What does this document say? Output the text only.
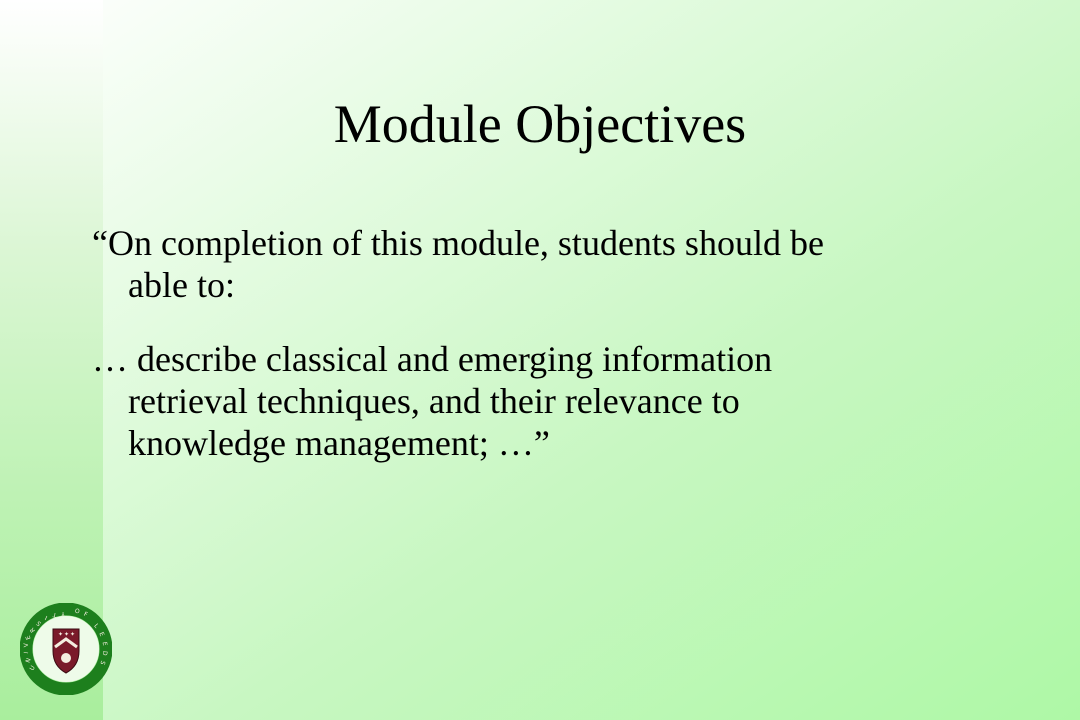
Module Objectives

“On completion of this module, students should be
able to:

… describe classical and emerging information
retrieval techniques, and their relevance to
knowledge management; …”

✦ ✦ ✦
U
N
I
V
E
R
S
I T Y O F
L
E
E
D
S
